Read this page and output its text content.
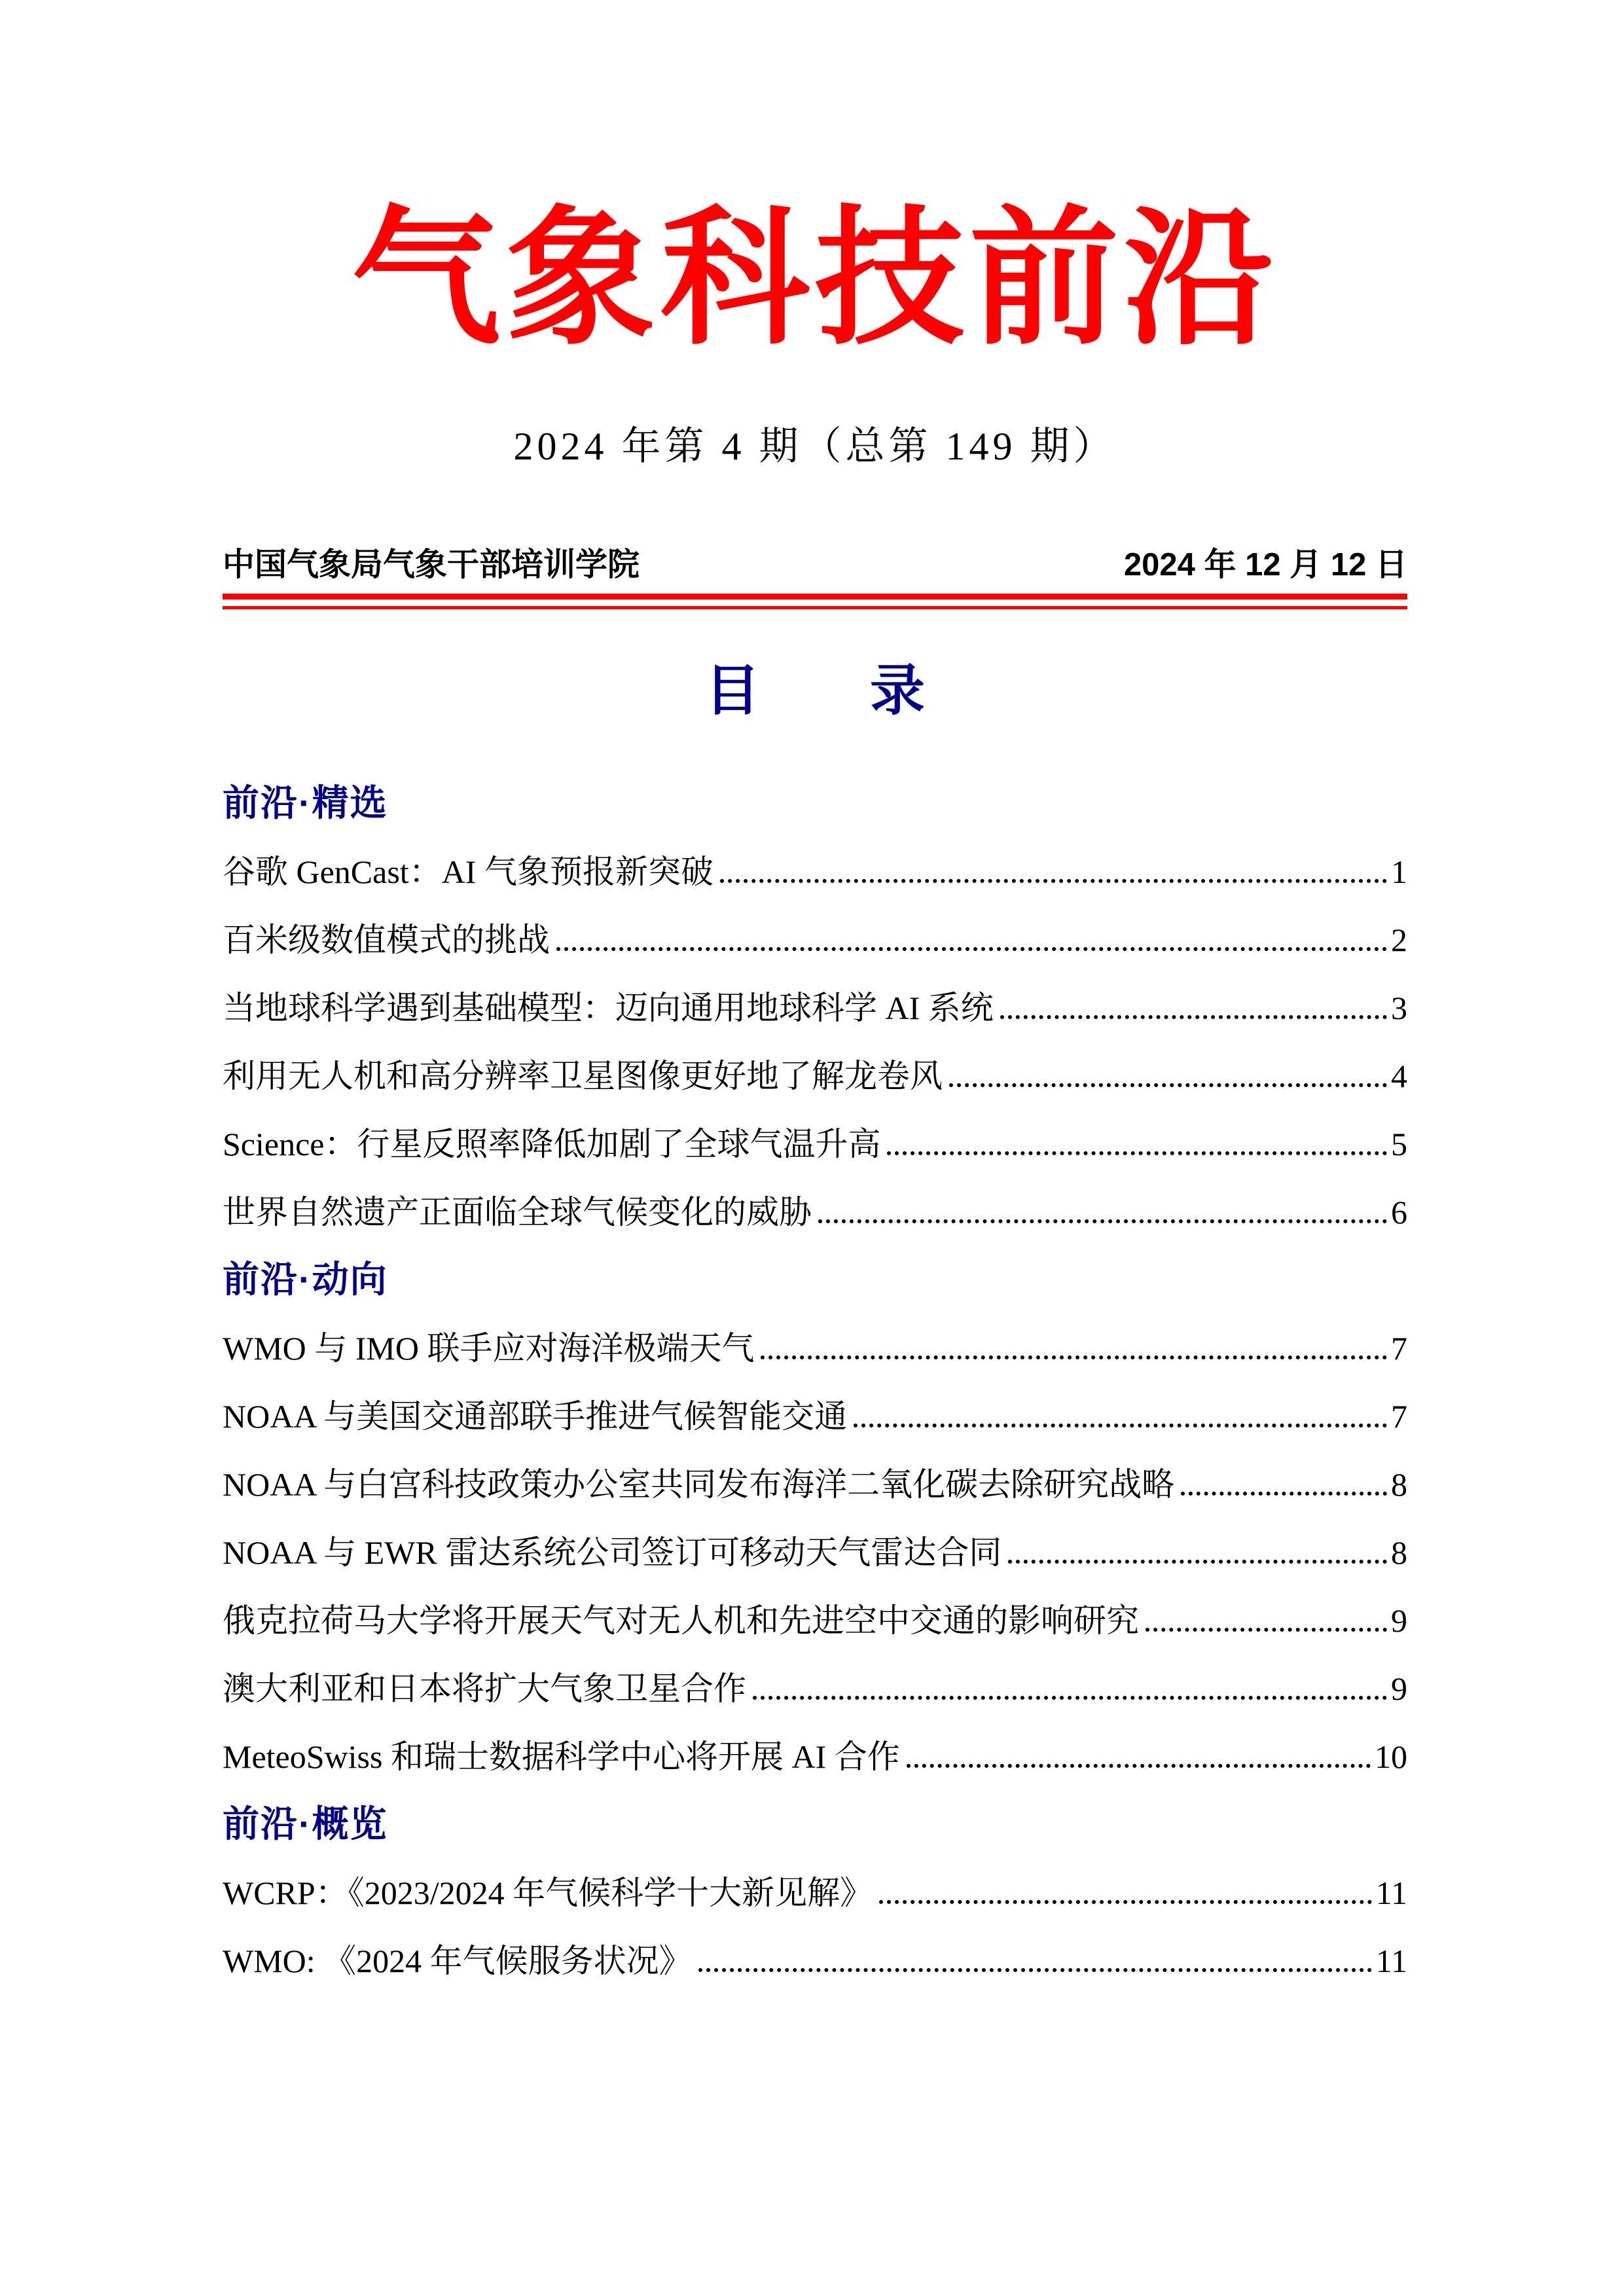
气象科技前沿
2024 年第 4 期（总第 149 期）
中国气象局气象干部培训学院	2024 年 12 月 12 日
目　　录
前沿·精选
谷歌 GenCast：AI 气象预报新突破	1
百米级数值模式的挑战	2
当地球科学遇到基础模型：迈向通用地球科学 AI 系统	3
利用无人机和高分辨率卫星图像更好地了解龙卷风	4
Science：行星反照率降低加剧了全球气温升高	5
世界自然遗产正面临全球气候变化的威胁	6
前沿·动向
WMO 与 IMO 联手应对海洋极端天气	7
NOAA 与美国交通部联手推进气候智能交通	7
NOAA 与白宫科技政策办公室共同发布海洋二氧化碳去除研究战略	8
NOAA 与 EWR 雷达系统公司签订可移动天气雷达合同	8
俄克拉荷马大学将开展天气对无人机和先进空中交通的影响研究	9
澳大利亚和日本将扩大气象卫星合作	9
MeteoSwiss 和瑞士数据科学中心将开展 AI 合作	10
前沿·概览
WCRP：《2023/2024 年气候科学十大新见解》	11
WMO: 《2024 年气候服务状况》	11
